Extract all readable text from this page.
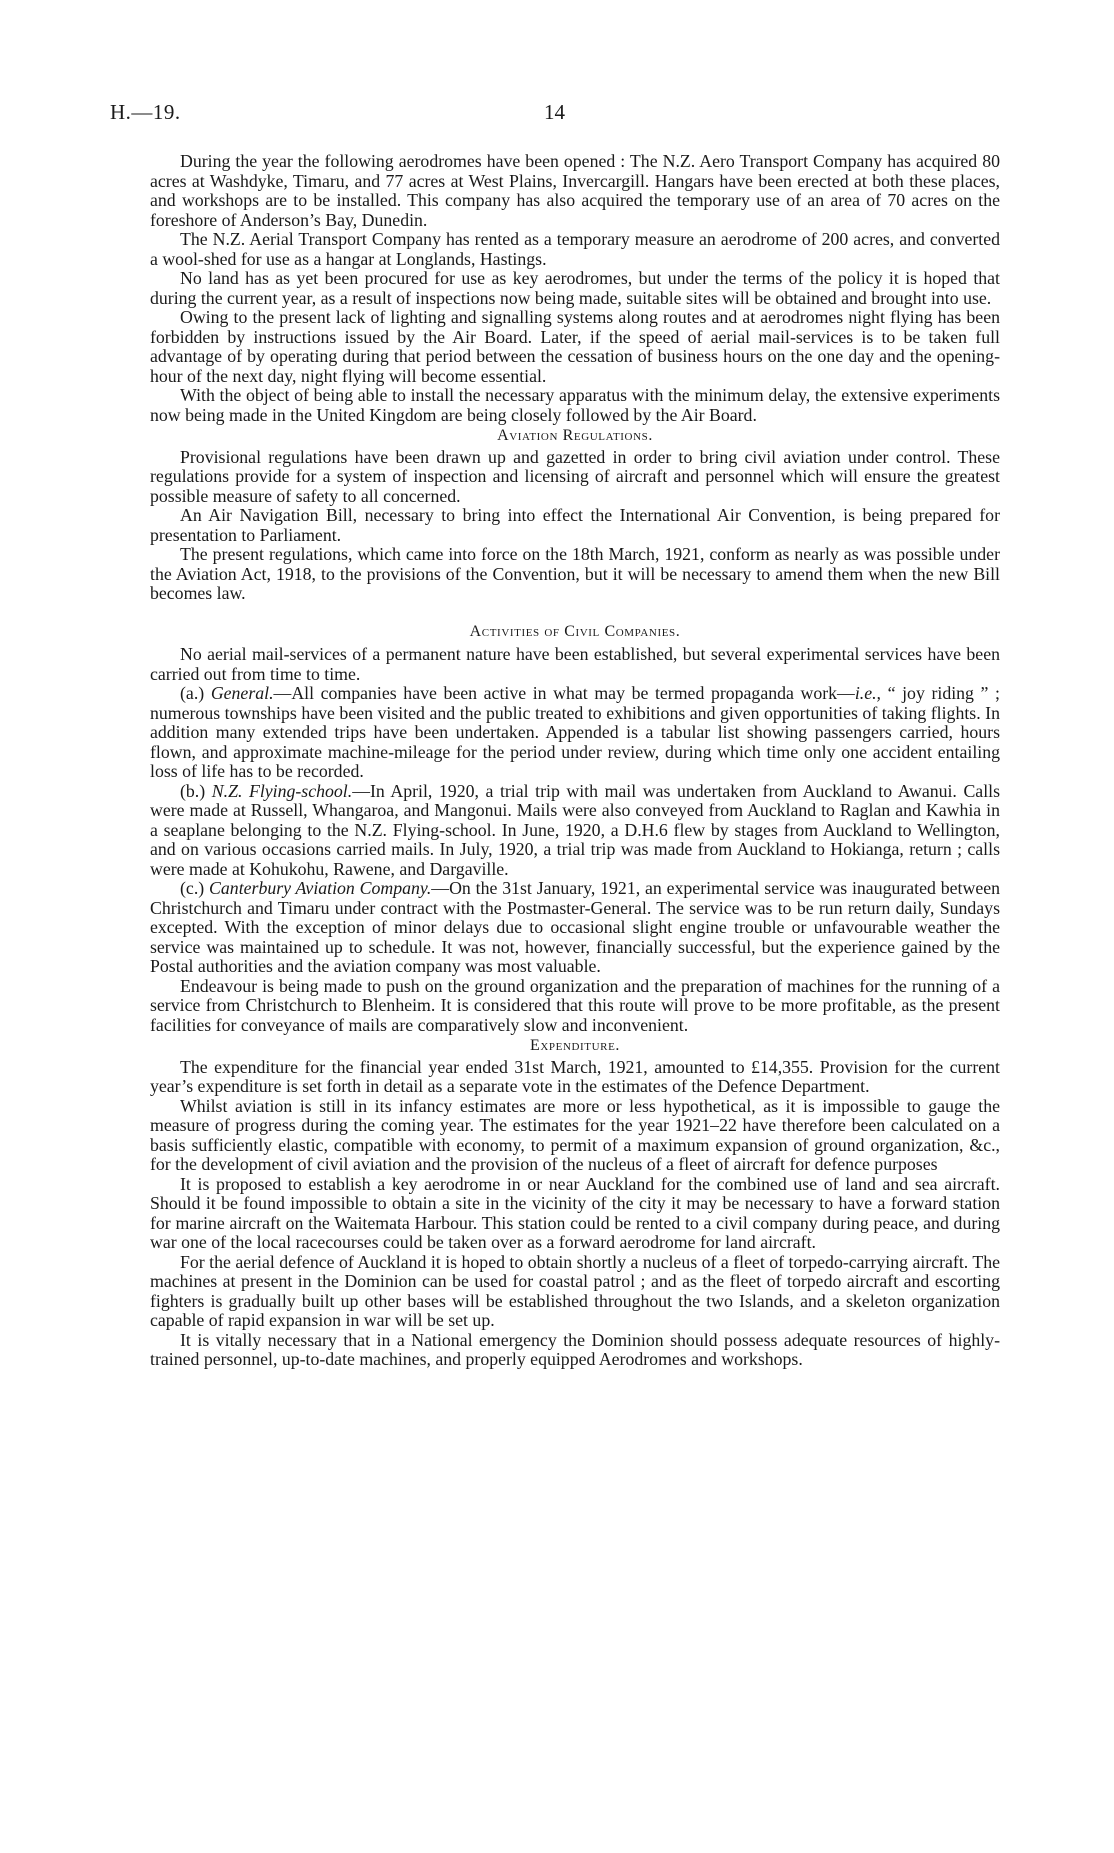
H.—19.	14

During the year the following aerodromes have been opened : The N.Z. Aero Transport Company has acquired 80 acres at Washdyke, Timaru, and 77 acres at West Plains, Invercargill. Hangars have been erected at both these places, and workshops are to be installed. This company has also acquired the temporary use of an area of 70 acres on the foreshore of Anderson’s Bay, Dunedin.

The N.Z. Aerial Transport Company has rented as a temporary measure an aerodrome of 200 acres, and converted a wool-shed for use as a hangar at Longlands, Hastings.

No land has as yet been procured for use as key aerodromes, but under the terms of the policy it is hoped that during the current year, as a result of inspections now being made, suitable sites will be obtained and brought into use.

Owing to the present lack of lighting and signalling systems along routes and at aerodromes night flying has been forbidden by instructions issued by the Air Board. Later, if the speed of aerial mail-services is to be taken full advantage of by operating during that period between the cessation of business hours on the one day and the opening-hour of the next day, night flying will become essential.

With the object of being able to install the necessary apparatus with the minimum delay, the extensive experiments now being made in the United Kingdom are being closely followed by the Air Board.

Aviation Regulations.

Provisional regulations have been drawn up and gazetted in order to bring civil aviation under control. These regulations provide for a system of inspection and licensing of aircraft and personnel which will ensure the greatest possible measure of safety to all concerned.

An Air Navigation Bill, necessary to bring into effect the International Air Convention, is being prepared for presentation to Parliament.

The present regulations, which came into force on the 18th March, 1921, conform as nearly as was possible under the Aviation Act, 1918, to the provisions of the Convention, but it will be necessary to amend them when the new Bill becomes law.

Activities of Civil Companies.

No aerial mail-services of a permanent nature have been established, but several experimental services have been carried out from time to time.

(a.) General.—All companies have been active in what may be termed propaganda work—i.e., “ joy riding ” ; numerous townships have been visited and the public treated to exhibitions and given opportunities of taking flights. In addition many extended trips have been undertaken. Appended is a tabular list showing passengers carried, hours flown, and approximate machine-mileage for the period under review, during which time only one accident entailing loss of life has to be recorded.

(b.) N.Z. Flying-school.—In April, 1920, a trial trip with mail was undertaken from Auckland to Awanui. Calls were made at Russell, Whangaroa, and Mangonui. Mails were also conveyed from Auckland to Raglan and Kawhia in a seaplane belonging to the N.Z. Flying-school. In June, 1920, a D.H.6 flew by stages from Auckland to Wellington, and on various occasions carried mails. In July, 1920, a trial trip was made from Auckland to Hokianga, return ; calls were made at Kohukohu, Rawene, and Dargaville.

(c.) Canterbury Aviation Company.—On the 31st January, 1921, an experimental service was inaugurated between Christchurch and Timaru under contract with the Postmaster-General. The service was to be run return daily, Sundays excepted. With the exception of minor delays due to occasional slight engine trouble or unfavourable weather the service was maintained up to schedule. It was not, however, financially successful, but the experience gained by the Postal authorities and the aviation company was most valuable.

Endeavour is being made to push on the ground organization and the preparation of machines for the running of a service from Christchurch to Blenheim. It is considered that this route will prove to be more profitable, as the present facilities for conveyance of mails are comparatively slow and inconvenient.

Expenditure.

The expenditure for the financial year ended 31st March, 1921, amounted to £14,355. Provision for the current year’s expenditure is set forth in detail as a separate vote in the estimates of the Defence Department.

Whilst aviation is still in its infancy estimates are more or less hypothetical, as it is impossible to gauge the measure of progress during the coming year. The estimates for the year 1921–22 have therefore been calculated on a basis sufficiently elastic, compatible with economy, to permit of a maximum expansion of ground organization, &c., for the development of civil aviation and the provision of the nucleus of a fleet of aircraft for defence purposes

It is proposed to establish a key aerodrome in or near Auckland for the combined use of land and sea aircraft. Should it be found impossible to obtain a site in the vicinity of the city it may be necessary to have a forward station for marine aircraft on the Waitemata Harbour. This station could be rented to a civil company during peace, and during war one of the local racecourses could be taken over as a forward aerodrome for land aircraft.

For the aerial defence of Auckland it is hoped to obtain shortly a nucleus of a fleet of torpedo-carrying aircraft. The machines at present in the Dominion can be used for coastal patrol ; and as the fleet of torpedo aircraft and escorting fighters is gradually built up other bases will be established throughout the two Islands, and a skeleton organization capable of rapid expansion in war will be set up.

It is vitally necessary that in a National emergency the Dominion should possess adequate resources of highly-trained personnel, up-to-date machines, and properly equipped Aerodromes and workshops.
